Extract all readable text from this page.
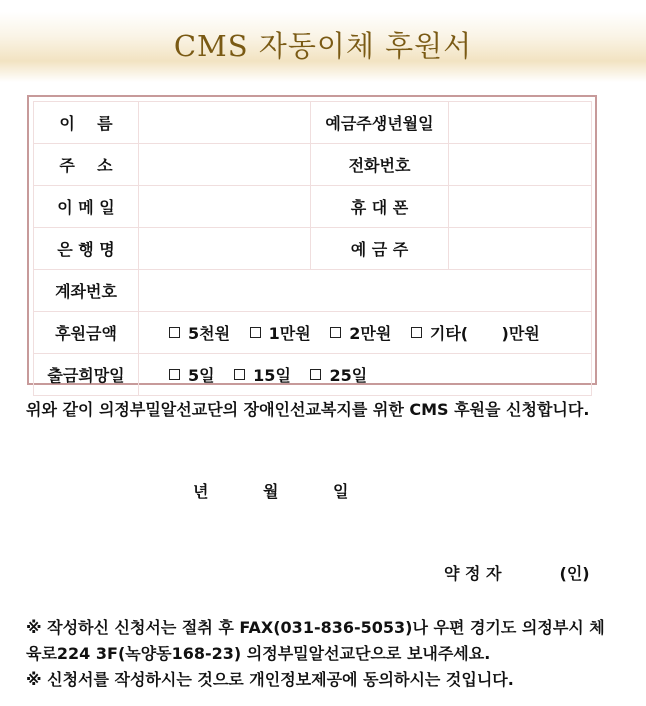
CMS 자동이체 후원서
이    름		예금주생년월일	
주    소		전화번호	
이 메 일		휴 대 폰	
은 행 명		예 금 주	
계좌번호			
후원금액	5천원 1만원 2만원 기타(      )만원		
출금희망일	5일 15일 25일		
위와 같이 의정부밀알선교단의 장애인선교복지를 위한 CMS 후원을 신청합니다.
년	월	일
약 정 자	(인)
※ 작성하신 신청서는 절취 후 FAX(031-836-5053)나 우편 경기도 의정부시 체육로224 3F(녹양동168-23) 의정부밀알선교단으로 보내주세요.
※ 신청서를 작성하시는 것으로 개인정보제공에 동의하시는 것입니다.
